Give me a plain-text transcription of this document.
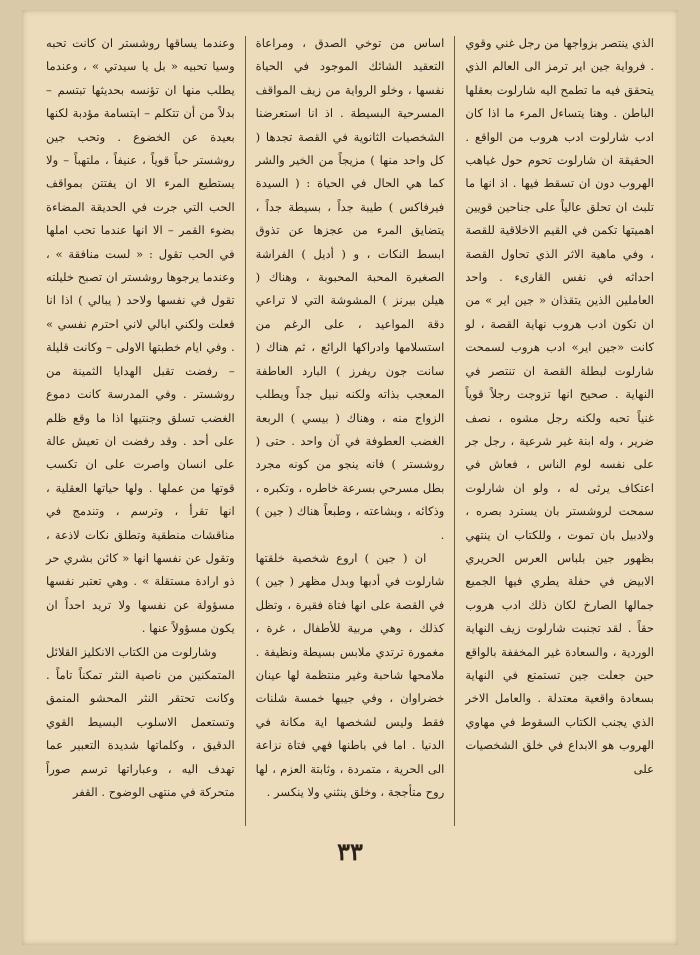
وعندما يساقها روشستر ان كانت تحبه وسيا تحبيه « بل يا سيدتي » ، وعندما يطلب منها ان تؤنسه بحديثها تبتسم – بدلاً من أن تتكلم – ابتسامة مؤدبة لكنها بعيدة عن الخضوع . وتحب جين روشستر حباً قوياً ، عنيفاً ، ملتهباً – ولا يستطيع المرء الا ان يفتتن بمواقف الحب التي جرت في الحديقة المضاءة بضوء القمر – الا انها عندما تحب املها في الحب تقول : « لست منافقة » ، وعندما يرجوها روشستر ان تصبح خليلته تقول في نفسها ولاحد ( يبالي ) اذا انا فعلت ولكني ابالي لاني احترم نفسي » . وفي ايام خطبتها الاولى – وكانت قليلة – رفضت تقبل الهدايا الثمينة من روشستر . وفي المدرسة كانت دموع الغضب تسلق وجنتيها اذا ما وقع ظلم على أحد . وقد رفضت ان تعيش عالة على انسان واصرت على ان تكسب قوتها من عملها . ولها حياتها العقلية ، انها تقرأ ، وترسم ، وتندمج في مناقشات منطقية وتطلق نكات لاذعة ، وتقول عن نفسها انها « كائن بشري حر ذو ارادة مستقلة » . وهي تعتبر نفسها مسؤولة عن نفسها ولا تريد احداً ان يكون مسؤولاً عنها .

وشارلوت من الكتاب الانكليز القلائل المتمكنين من ناصية النثر تمكناً تاماً . وكانت تحتقر النثر المحشو المنمق وتستعمل الاسلوب البسيط القوي الدقيق ، وكلماتها شديدة التعبير عما تهدف اليه ، وعباراتها ترسم صوراً متحركة في منتهى الوضوح . القفر

اساس من توخي الصدق ، ومراعاة التعقيد الشائك الموجود في الحياة نفسها ، وخلو الرواية من زيف المواقف المسرحية البسيطة . اذ انا استعرضنا الشخصيات الثانوية في القصة تجدها ( كل واحد منها ) مزيجاً من الخير والشر كما هي الحال في الحياة : ( السيدة فيرفاكس ) طيبة جداً ، بسيطة جداً ، يتضايق المرء من عجزها عن تذوق ابسط النكات ، و ( أديل ) الفراشة الصغيرة المحبة المحبوبة ، وهناك ( هيلن بيرنز ) المشوشة التي لا تراعي دقة المواعيد ، على الرغم من استسلامها وادراكها الرائع ، ثم هناك ( سانت جون ريفرز ) البارد العاطفة المعجب بذاته ولكنه نبيل جداً ويطلب الزواج منه ، وهناك ( بيسي ) الربعة الغضب العطوفة في آن واحد . حتى ( روشستر ) فانه ينجو من كونه مجرد بطل مسرحي بسرعة خاطره ، وتكبره ، وذكائه ، وبشاعته ، وطبعاً هناك ( جين ) .

ان ( جين ) اروع شخصية خلقتها شارلوت في أدبها وبدل مظهر ( جين ) في القصة على انها فتاة فقيرة ، وتظل كذلك ، وهي مربية للأطفال ، غرة ، مغمورة ترتدي ملابس بسيطة ونظيفة . ملامحها شاحبة وغير منتظمة لها عينان خضراوان ، وفي جيبها خمسة شلنات فقط وليس لشخصها اية مكانة في الدنيا . اما في باطنها فهي فتاة نزاعة الى الحرية ، متمردة ، وثابتة العزم ، لها روح متأججة ، وخلق ينثني ولا ينكسر .

الذي ينتصر بزواجها من رجل غني وقوي . فرواية جين اير ترمز الى العالم الذي يتحقق فيه ما تطمح اليه شارلوت بعقلها الباطن . وهنا يتساءل المرء ما اذا كان ادب شارلوت ادب هروب من الواقع . الحقيقة ان شارلوت تحوم حول غياهب الهروب دون ان تسقط فيها . اذ انها ما تلبث ان تحلق عالياً على جناحين قويين اهميتها تكمن في القيم الاخلاقية للقصة ، وفي ماهية الاثر الذي تحاول القصة احداثه في نفس القارىء . واحد العاملين الذين يتقذان « جين اير » من ان تكون ادب هروب نهاية القصة ، لو كانت «جين اير» ادب هروب لسمحت شارلوت لبطلة القصة ان تنتصر في النهاية . صحيح انها تزوجت رجلاً قوياً غنياً تحبه ولكنه رجل مشوه ، نصف ضرير ، وله ابنة غير شرعية ، رجل جر على نفسه لوم الناس ، فعاش في اعتكاف يرثى له ، ولو ان شارلوت سمحت لروشستر بان يسترد بصره ، ولادبيل بان تموت ، وللكتاب ان ينتهي بظهور جين بلباس العرس الحريري الابيض في حفلة يطري فيها الجميع جمالها الصارخ لكان ذلك ادب هروب حقاً . لقد تجنبت شارلوت زيف النهاية الوردية ، والسعادة غير المخففة بالواقع حين جعلت جين تستمتع في النهاية بسعادة واقعية معتدلة . والعامل الاخر الذي يجنب الكتاب السقوط في مهاوي الهروب هو الابداع في خلق الشخصيات على

٣٣
